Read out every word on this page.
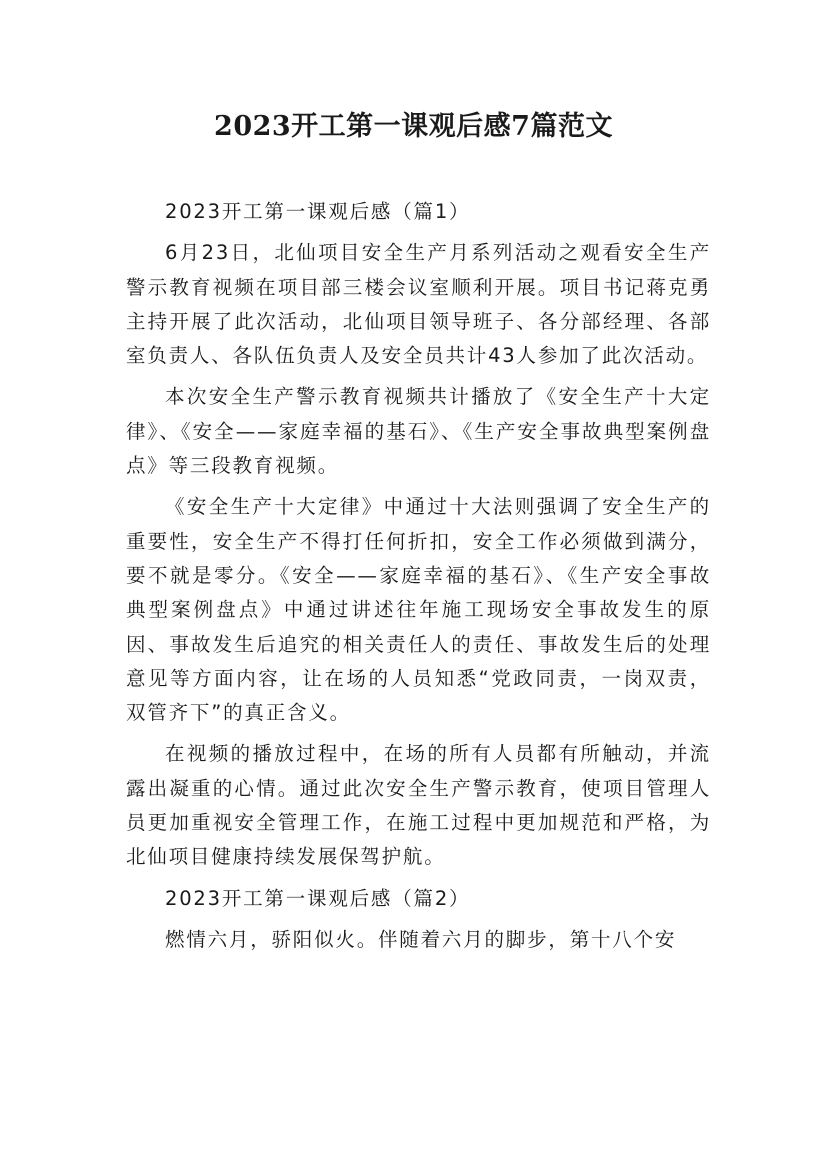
2023开工第一课观后感7篇范文

2023开工第一课观后感（篇1）

6月23日，北仙项目安全生产月系列活动之观看安全生产警示教育视频在项目部三楼会议室顺利开展。项目书记蒋克勇主持开展了此次活动，北仙项目领导班子、各分部经理、各部室负责人、各队伍负责人及安全员共计43人参加了此次活动。

本次安全生产警示教育视频共计播放了《安全生产十大定律》、《安全——家庭幸福的基石》、《生产安全事故典型案例盘点》等三段教育视频。

《安全生产十大定律》中通过十大法则强调了安全生产的重要性，安全生产不得打任何折扣，安全工作必须做到满分，要不就是零分。《安全——家庭幸福的基石》、《生产安全事故典型案例盘点》中通过讲述往年施工现场安全事故发生的原因、事故发生后追究的相关责任人的责任、事故发生后的处理意见等方面内容，让在场的人员知悉“党政同责，一岗双责，双管齐下”的真正含义。

在视频的播放过程中，在场的所有人员都有所触动，并流露出凝重的心情。通过此次安全生产警示教育，使项目管理人员更加重视安全管理工作，在施工过程中更加规范和严格，为北仙项目健康持续发展保驾护航。

2023开工第一课观后感（篇2）

燃情六月，骄阳似火。伴随着六月的脚步，第十八个安
